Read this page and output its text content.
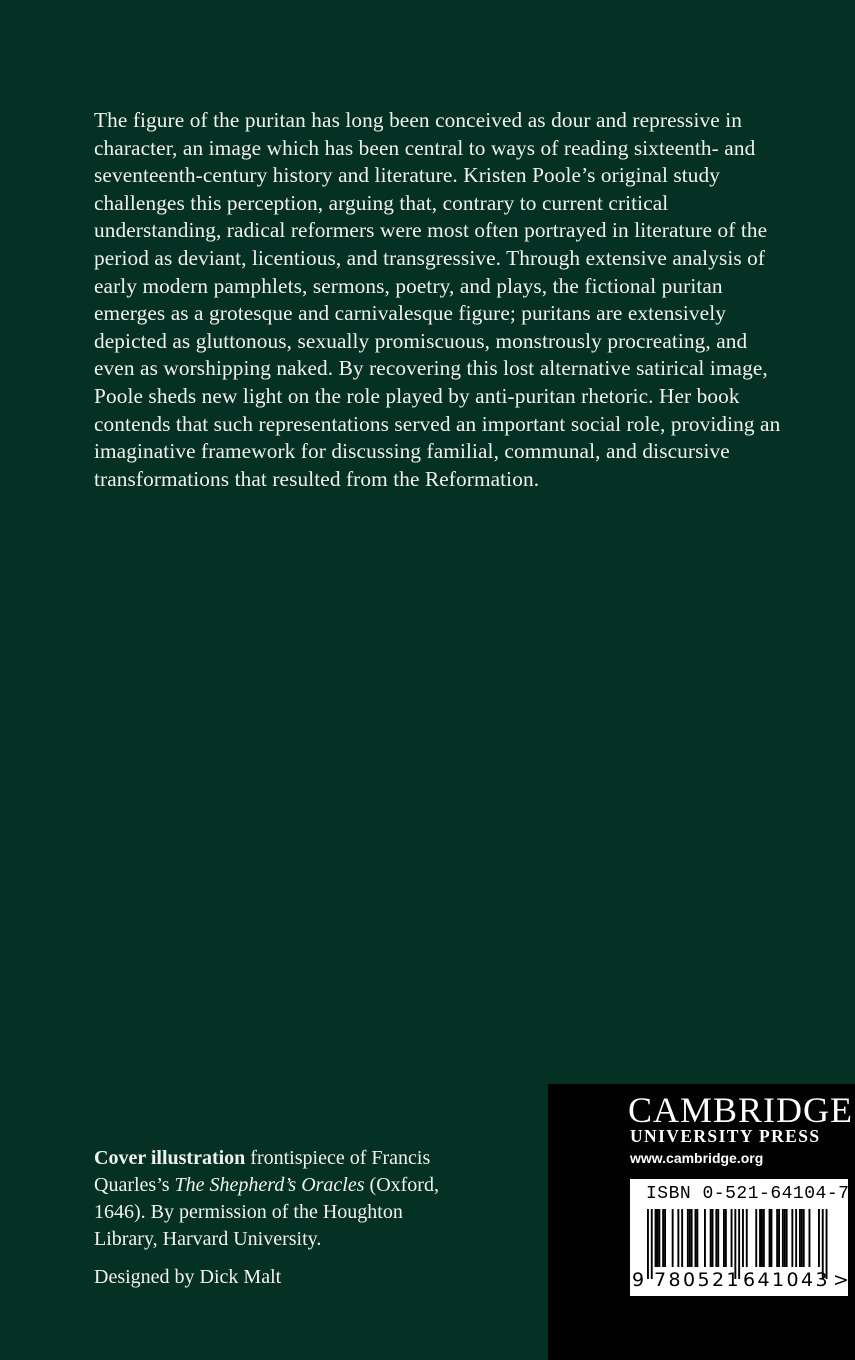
The figure of the puritan has long been conceived as dour and repressive in character, an image which has been central to ways of reading sixteenth- and seventeenth-century history and literature. Kristen Poole’s original study challenges this perception, arguing that, contrary to current critical understanding, radical reformers were most often portrayed in literature of the period as deviant, licentious, and transgressive. Through extensive analysis of early modern pamphlets, sermons, poetry, and plays, the fictional puritan emerges as a grotesque and carnivalesque figure; puritans are extensively depicted as gluttonous, sexually promiscuous, monstrously procreating, and even as worshipping naked. By recovering this lost alternative satirical image, Poole sheds new light on the role played by anti-puritan rhetoric. Her book contends that such representations served an important social role, providing an imaginative framework for discussing familial, communal, and discursive transformations that resulted from the Reformation.

Cover illustration frontispiece of Francis Quarles’s The Shepherd’s Oracles (Oxford, 1646). By permission of the Houghton Library, Harvard University.

Designed by Dick Malt

CAMBRIDGE
UNIVERSITY PRESS
www.cambridge.org
ISBN 0-521-64104-7
9 780521 641043 >
